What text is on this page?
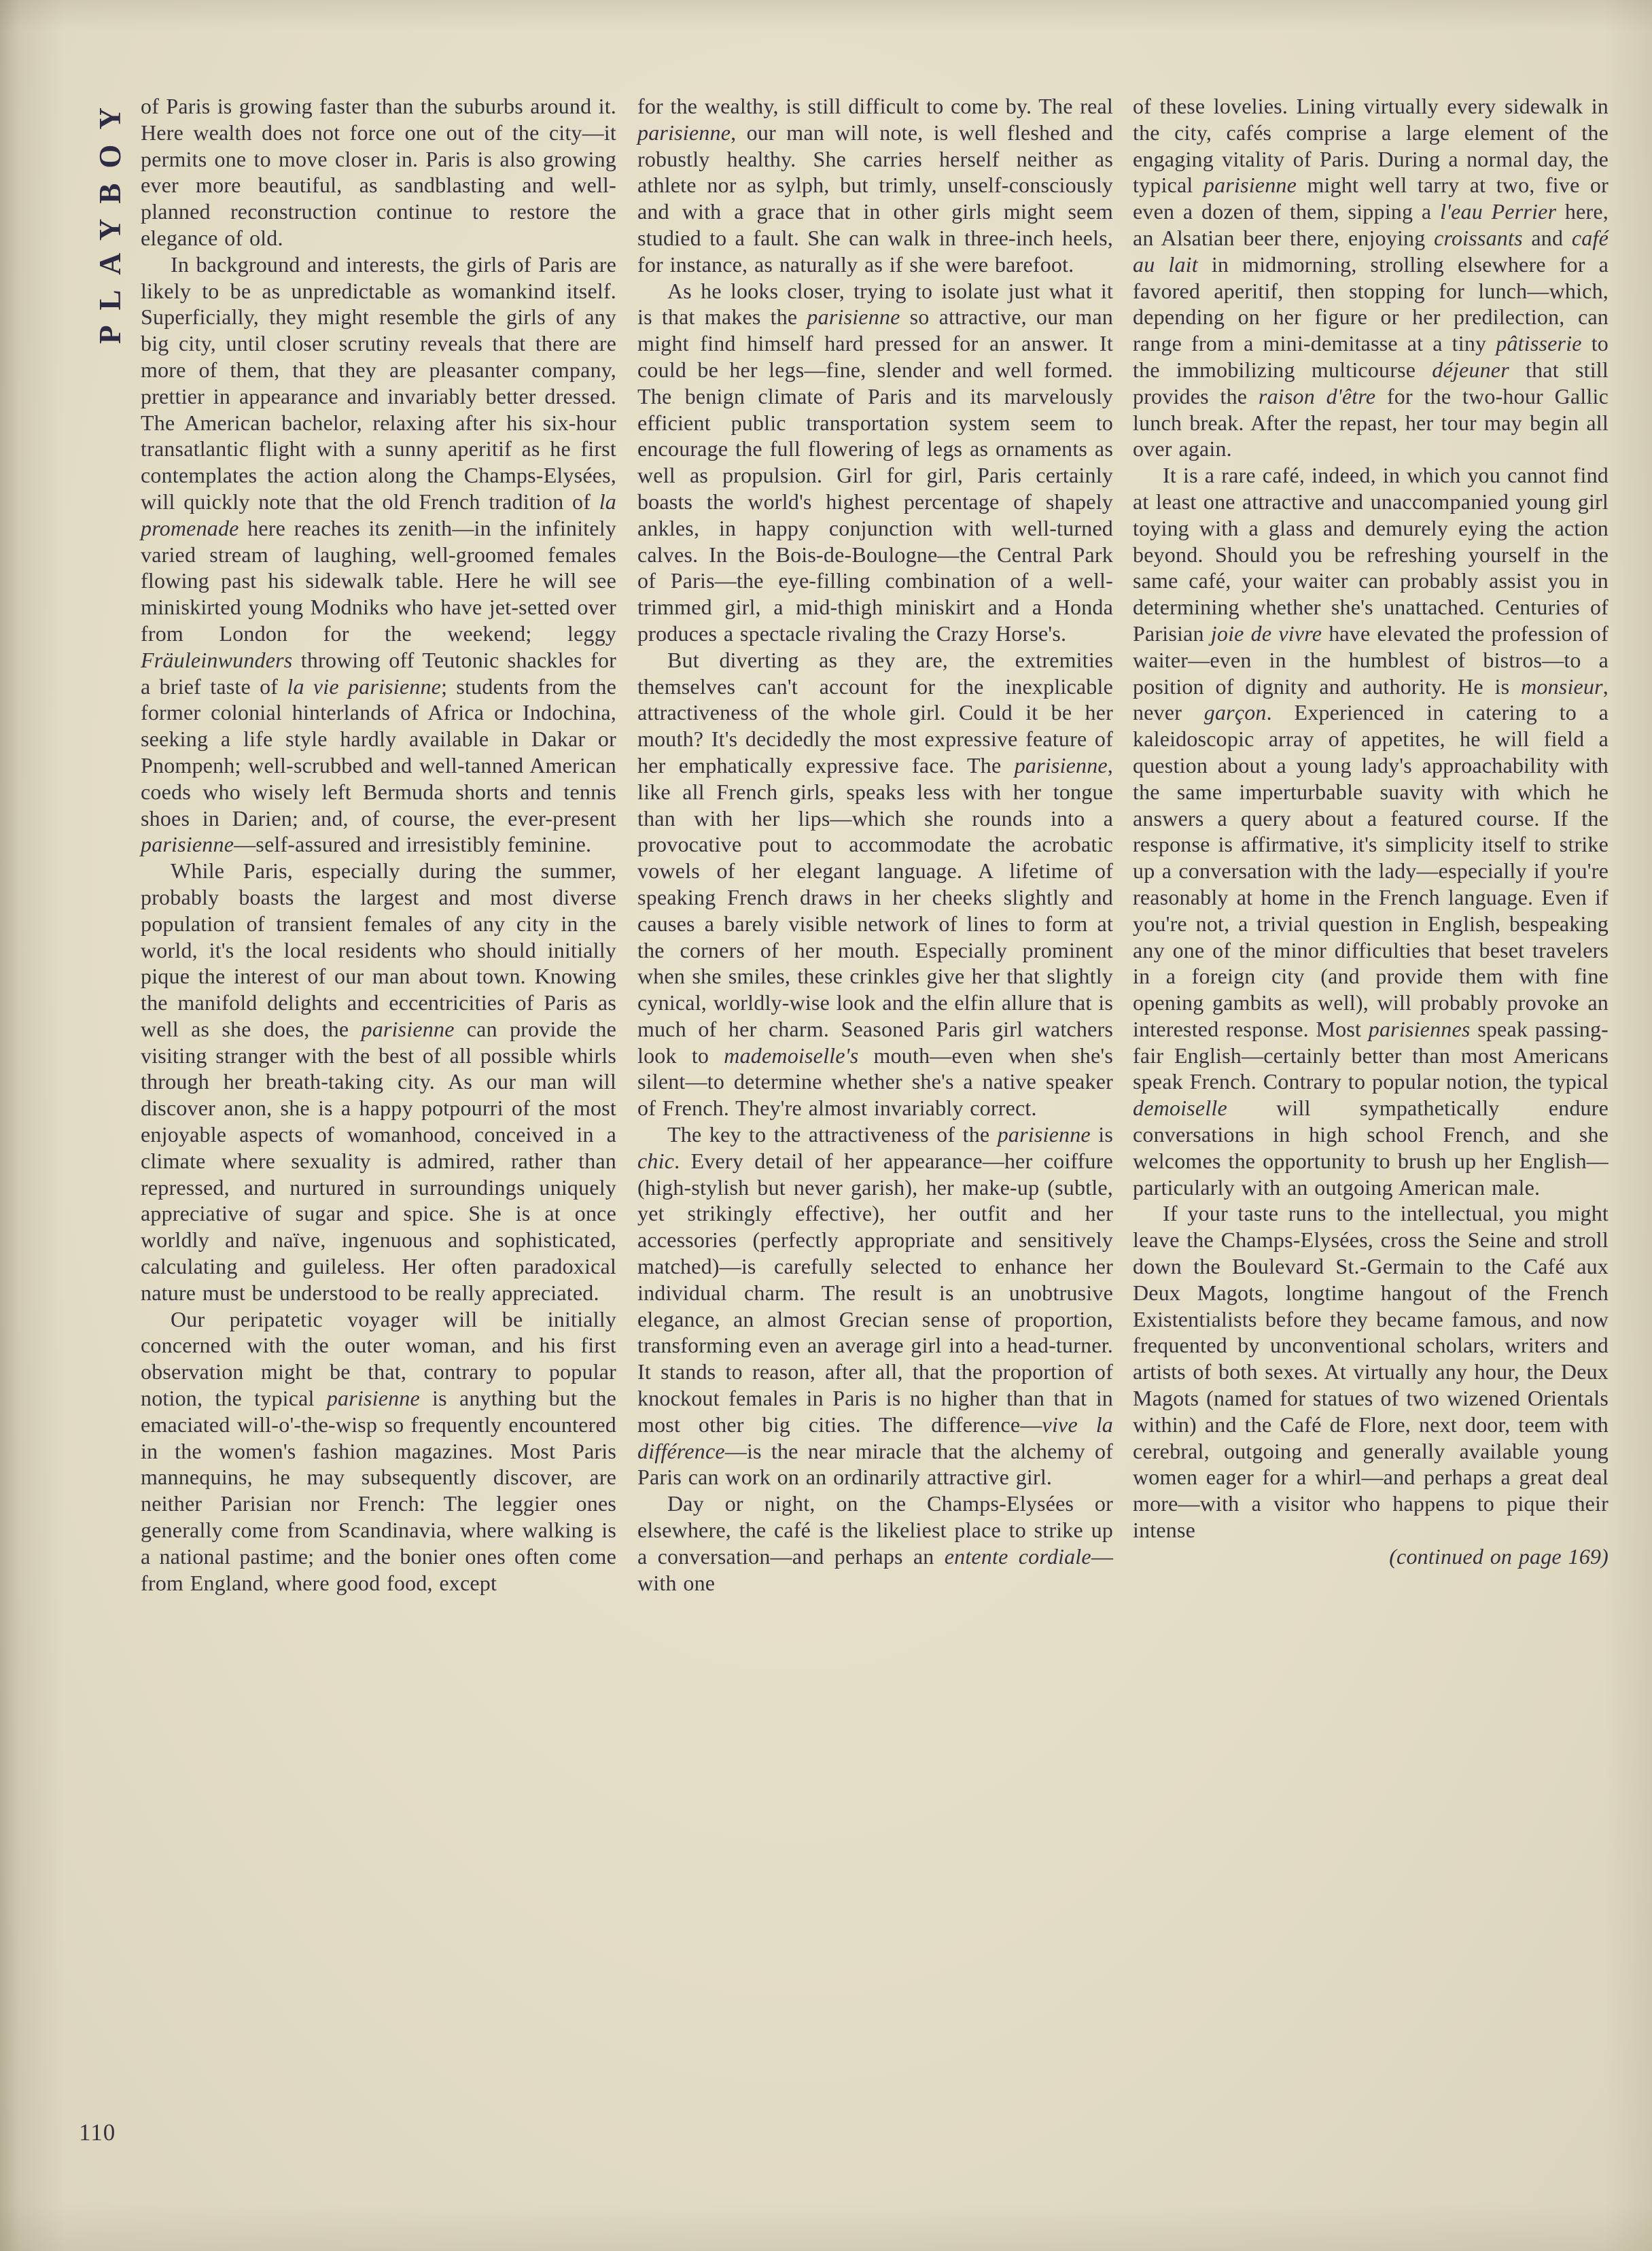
PLAYBOY of Paris is growing faster than the suburbs around it. Here wealth does not force one out of the city—it permits one to move closer in. Paris is also growing ever more beautiful, as sandblasting and well-planned reconstruction continue to restore the elegance of old.

In background and interests, the girls of Paris are likely to be as unpredictable as womankind itself. Superficially, they might resemble the girls of any big city, until closer scrutiny reveals that there are more of them, that they are pleasanter company, prettier in appearance and invariably better dressed. The American bachelor, relaxing after his six-hour transatlantic flight with a sunny aperitif as he first contemplates the action along the Champs-Elysées, will quickly note that the old French tradition of la promenade here reaches its zenith—in the infinitely varied stream of laughing, well-groomed females flowing past his sidewalk table. Here he will see miniskirted young Modniks who have jet-setted over from London for the weekend; leggy Fräuleinwunders throwing off Teutonic shackles for a brief taste of la vie parisienne; students from the former colonial hinterlands of Africa or Indochina, seeking a life style hardly available in Dakar or Pnompenh; well-scrubbed and well-tanned American coeds who wisely left Bermuda shorts and tennis shoes in Darien; and, of course, the ever-present parisienne—self-assured and irresistibly feminine.

While Paris, especially during the summer, probably boasts the largest and most diverse population of transient females of any city in the world, it's the local residents who should initially pique the interest of our man about town. Knowing the manifold delights and eccentricities of Paris as well as she does, the parisienne can provide the visiting stranger with the best of all possible whirls through her breath-taking city. As our man will discover anon, she is a happy potpourri of the most enjoyable aspects of womanhood, conceived in a climate where sexuality is admired, rather than repressed, and nurtured in surroundings uniquely appreciative of sugar and spice. She is at once worldly and naïve, ingenuous and sophisticated, calculating and guileless. Her often paradoxical nature must be understood to be really appreciated.

Our peripatetic voyager will be initially concerned with the outer woman, and his first observation might be that, contrary to popular notion, the typical parisienne is anything but the emaciated will-o'-the-wisp so frequently encountered in the women's fashion magazines. Most Paris mannequins, he may subsequently discover, are neither Parisian nor French: The leggier ones generally come from Scandinavia, where walking is a national pastime; and the bonier ones often come from England, where good food, except

for the wealthy, is still difficult to come by. The real parisienne, our man will note, is well fleshed and robustly healthy. She carries herself neither as athlete nor as sylph, but trimly, unself-consciously and with a grace that in other girls might seem studied to a fault. She can walk in three-inch heels, for instance, as naturally as if she were barefoot.

As he looks closer, trying to isolate just what it is that makes the parisienne so attractive, our man might find himself hard pressed for an answer. It could be her legs—fine, slender and well formed. The benign climate of Paris and its marvelously efficient public transportation system seem to encourage the full flowering of legs as ornaments as well as propulsion. Girl for girl, Paris certainly boasts the world's highest percentage of shapely ankles, in happy conjunction with well-turned calves. In the Bois-de-Boulogne—the Central Park of Paris—the eye-filling combination of a well-trimmed girl, a mid-thigh miniskirt and a Honda produces a spectacle rivaling the Crazy Horse's.

But diverting as they are, the extremities themselves can't account for the inexplicable attractiveness of the whole girl. Could it be her mouth? It's decidedly the most expressive feature of her emphatically expressive face. The parisienne, like all French girls, speaks less with her tongue than with her lips—which she rounds into a provocative pout to accommodate the acrobatic vowels of her elegant language. A lifetime of speaking French draws in her cheeks slightly and causes a barely visible network of lines to form at the corners of her mouth. Especially prominent when she smiles, these crinkles give her that slightly cynical, worldly-wise look and the elfin allure that is much of her charm. Seasoned Paris girl watchers look to mademoiselle's mouth—even when she's silent—to determine whether she's a native speaker of French. They're almost invariably correct.

The key to the attractiveness of the parisienne is chic. Every detail of her appearance—her coiffure (high-stylish but never garish), her make-up (subtle, yet strikingly effective), her outfit and her accessories (perfectly appropriate and sensitively matched)—is carefully selected to enhance her individual charm. The result is an unobtrusive elegance, an almost Grecian sense of proportion, transforming even an average girl into a head-turner. It stands to reason, after all, that the proportion of knockout females in Paris is no higher than that in most other big cities. The difference—vive la différence—is the near miracle that the alchemy of Paris can work on an ordinarily attractive girl.

Day or night, on the Champs-Elysées or elsewhere, the café is the likeliest place to strike up a conversation—and perhaps an entente cordiale—with one

of these lovelies. Lining virtually every sidewalk in the city, cafés comprise a large element of the engaging vitality of Paris. During a normal day, the typical parisienne might well tarry at two, five or even a dozen of them, sipping a l'eau Perrier here, an Alsatian beer there, enjoying croissants and café au lait in midmorning, strolling elsewhere for a favored aperitif, then stopping for lunch—which, depending on her figure or her predilection, can range from a mini-demitasse at a tiny pâtisserie to the immobilizing multicourse déjeuner that still provides the raison d'être for the two-hour Gallic lunch break. After the repast, her tour may begin all over again.

It is a rare café, indeed, in which you cannot find at least one attractive and unaccompanied young girl toying with a glass and demurely eying the action beyond. Should you be refreshing yourself in the same café, your waiter can probably assist you in determining whether she's unattached. Centuries of Parisian joie de vivre have elevated the profession of waiter—even in the humblest of bistros—to a position of dignity and authority. He is monsieur, never garçon. Experienced in catering to a kaleidoscopic array of appetites, he will field a question about a young lady's approachability with the same imperturbable suavity with which he answers a query about a featured course. If the response is affirmative, it's simplicity itself to strike up a conversation with the lady—especially if you're reasonably at home in the French language. Even if you're not, a trivial question in English, bespeaking any one of the minor difficulties that beset travelers in a foreign city (and provide them with fine opening gambits as well), will probably provoke an interested response. Most parisiennes speak passing-fair English—certainly better than most Americans speak French. Contrary to popular notion, the typical demoiselle will sympathetically endure conversations in high school French, and she welcomes the opportunity to brush up her English—particularly with an outgoing American male.

If your taste runs to the intellectual, you might leave the Champs-Elysées, cross the Seine and stroll down the Boulevard St.-Germain to the Café aux Deux Magots, longtime hangout of the French Existentialists before they became famous, and now frequented by unconventional scholars, writers and artists of both sexes. At virtually any hour, the Deux Magots (named for statues of two wizened Orientals within) and the Café de Flore, next door, teem with cerebral, outgoing and generally available young women eager for a whirl—and perhaps a great deal more—with a visitor who happens to pique their intense

(continued on page 169)

110
